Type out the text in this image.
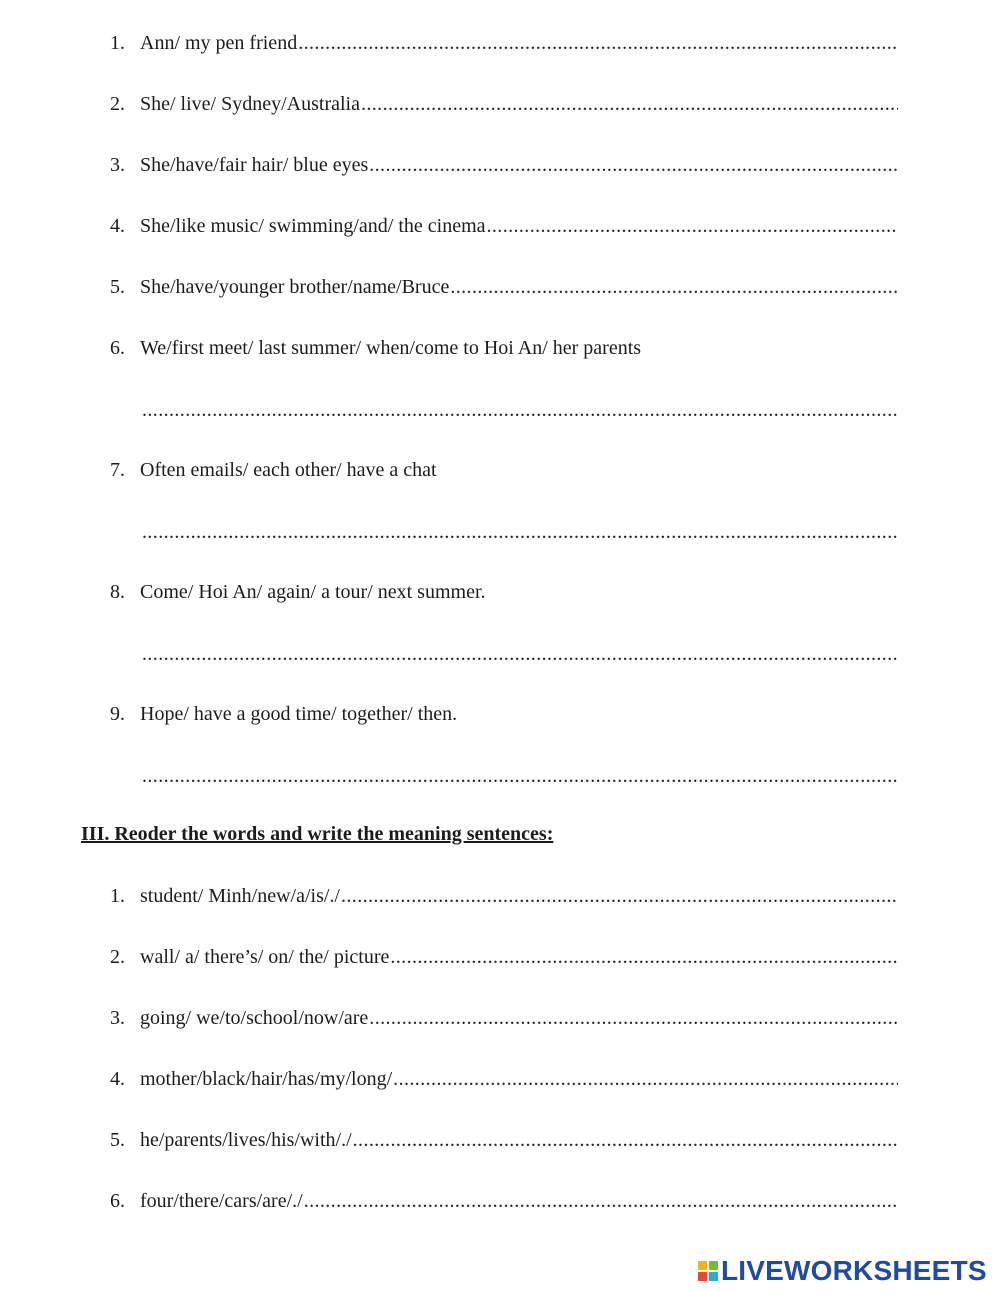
1. Ann/ my pen friend
.....
2. She/ live/ Sydney/Australia
.....
3. She/have/fair hair/ blue eyes
.....
4. She/like music/ swimming/and/ the cinema
.....
5. She/have/younger brother/name/Bruce
.....
6. We/first meet/ last summer/ when/come to Hoi An/ her parents
.....
7. Often emails/ each other/ have a chat
.....
8. Come/ Hoi An/ again/ a tour/ next summer.
.....
9. Hope/ have a good time/ together/ then.
.....
III. Reoder the words and write the meaning sentences:
1. student/ Minh/new/a/is/./
.....
2. wall/ a/ there’s/ on/ the/ picture
.....
3. going/ we/to/school/now/are
.....
4. mother/black/hair/has/my/long/
.....
5. he/parents/lives/his/with/./
.....
6. four/there/cars/are/./
.....
LIVEWORKSHEETS
